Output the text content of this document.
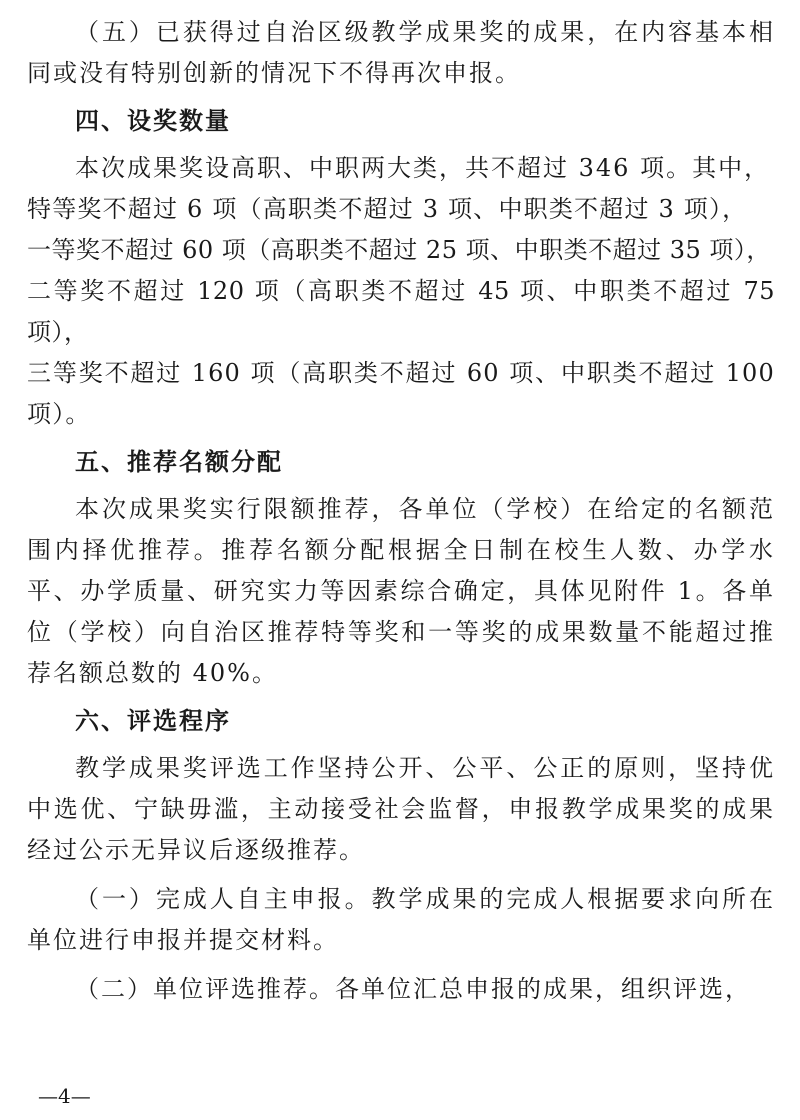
（五）已获得过自治区级教学成果奖的成果，在内容基本相同或没有特别创新的情况下不得再次申报。

四、设奖数量

本次成果奖设高职、中职两大类，共不超过 346 项。其中，

特等奖不超过 6 项（高职类不超过 3 项、中职类不超过 3 项），

一等奖不超过 60 项（高职类不超过 25 项、中职类不超过 35 项），

二等奖不超过 120 项（高职类不超过 45 项、中职类不超过 75 项），

三等奖不超过 160 项（高职类不超过 60 项、中职类不超过 100 项）。

五、推荐名额分配

本次成果奖实行限额推荐，各单位（学校）在给定的名额范围内择优推荐。推荐名额分配根据全日制在校生人数、办学水平、办学质量、研究实力等因素综合确定，具体见附件 1。各单位（学校）向自治区推荐特等奖和一等奖的成果数量不能超过推荐名额总数的 40%。

六、评选程序

教学成果奖评选工作坚持公开、公平、公正的原则，坚持优中选优、宁缺毋滥，主动接受社会监督，申报教学成果奖的成果经过公示无异议后逐级推荐。

（一）完成人自主申报。教学成果的完成人根据要求向所在单位进行申报并提交材料。

（二）单位评选推荐。各单位汇总申报的成果，组织评选，

—4—
